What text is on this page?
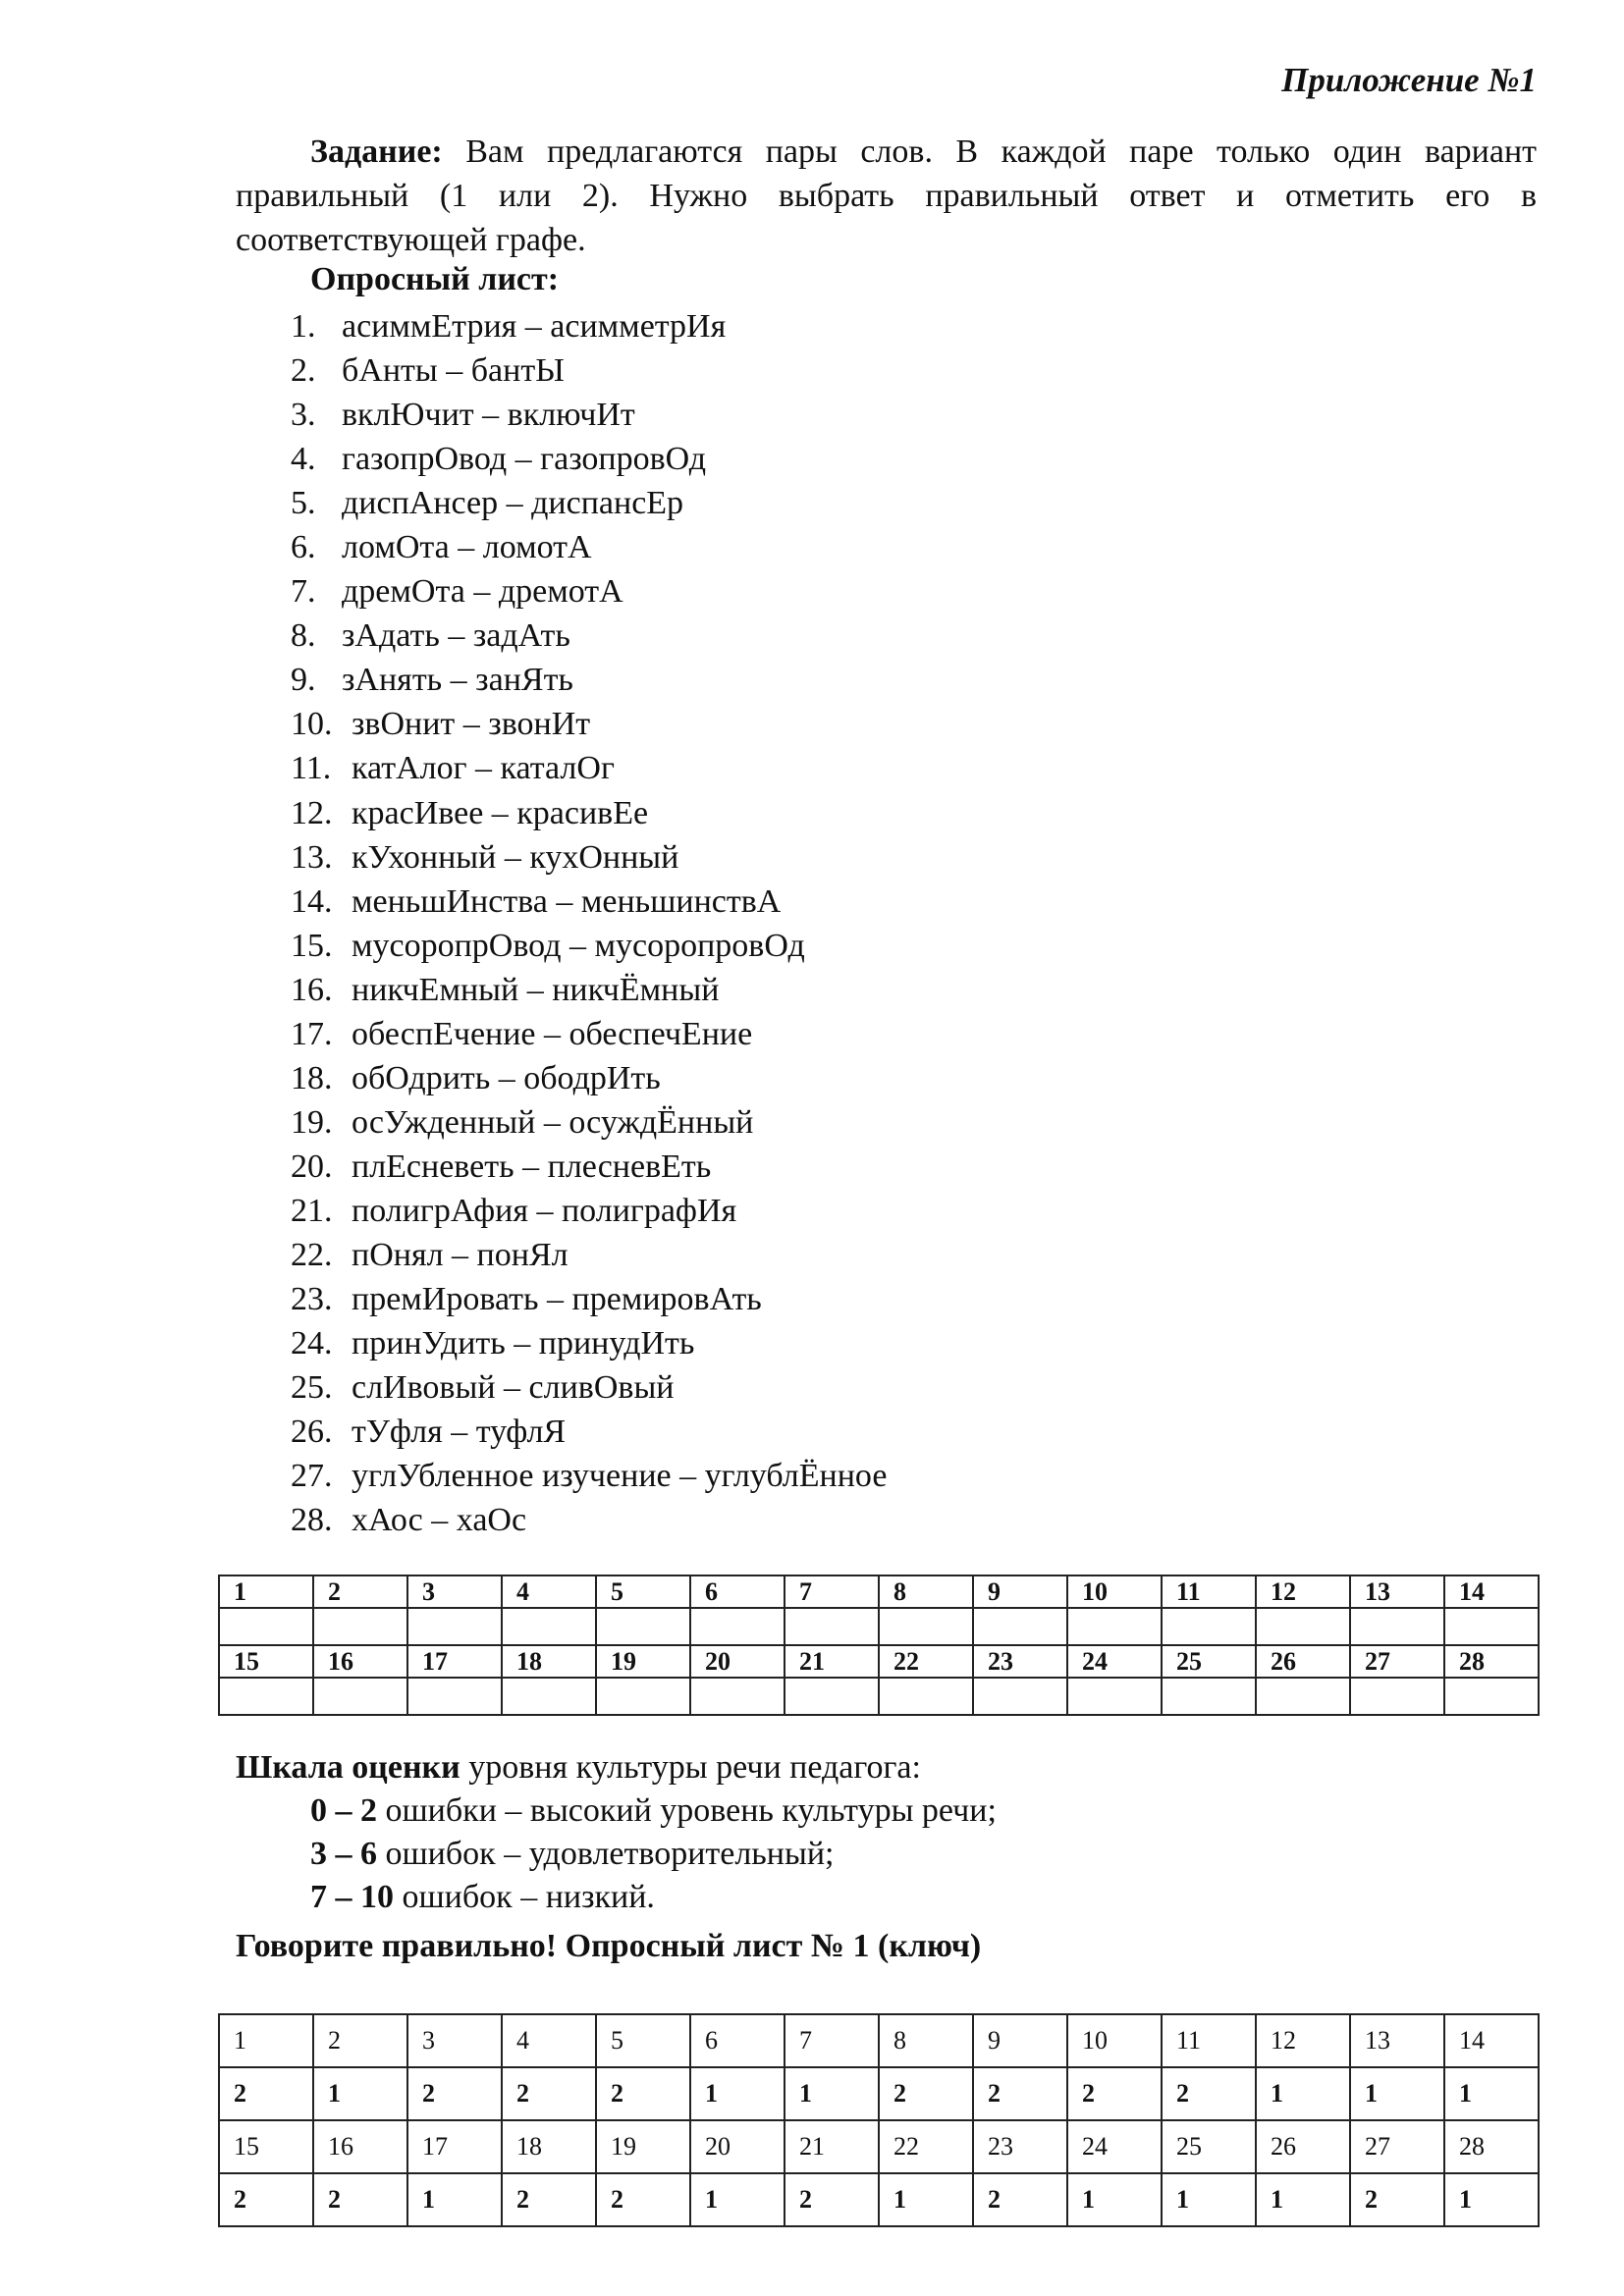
Приложение №1
Задание: Вам предлагаются пары слов. В каждой паре только один вариант правильный (1 или 2). Нужно выбрать правильный ответ и отметить его в соответствующей графе.
Опросный лист:
1. асиммЕтрия – асимметрИя
2. бАнты – бантЫ
3. вклЮчит – включИт
4. газопрОвод – газопровОд
5. диспАнсер – диспансЕр
6. ломОта – ломотА
7. дремОта – дремотА
8. зАдать – задАть
9. зАнять – занЯть
10. звОнит – звонИт
11. катАлог – каталОг
12. красИвее – красивЕе
13. кУхонный – кухОнный
14. меньшИнства – меньшинствА
15. мусоропрОвод – мусоропровОд
16. никчЕмный – никчЁмный
17. обеспЕчение – обеспечЕние
18. обОдрить – ободрИть
19. осУжденный – осуждЁнный
20. плЕсневеть – плесневЕть
21. полигрАфия – полиграфИя
22. пОнял – понЯл
23. премИровать – премировАть
24. принУдить – принудИть
25. слИвовый – сливОвый
26. тУфля – туфлЯ
27. углУбленное изучение – углублЁнное
28. хАос – хаОс
1	2	3	4	5	6	7	8	9	10	11	12	13	14

15	16	17	18	19	20	21	22	23	24	25	26	27	28

Шкала оценки уровня культуры речи педагога:
0 – 2 ошибки – высокий уровень культуры речи;
3 – 6 ошибок – удовлетворительный;
7 – 10 ошибок – низкий.
Говорите правильно! Опросный лист № 1 (ключ)
1	2	3	4	5	6	7	8	9	10	11	12	13	14
2	1	2	2	2	1	1	2	2	2	2	1	1	1
15	16	17	18	19	20	21	22	23	24	25	26	27	28
2	2	1	2	2	1	2	1	2	1	1	1	2	1
